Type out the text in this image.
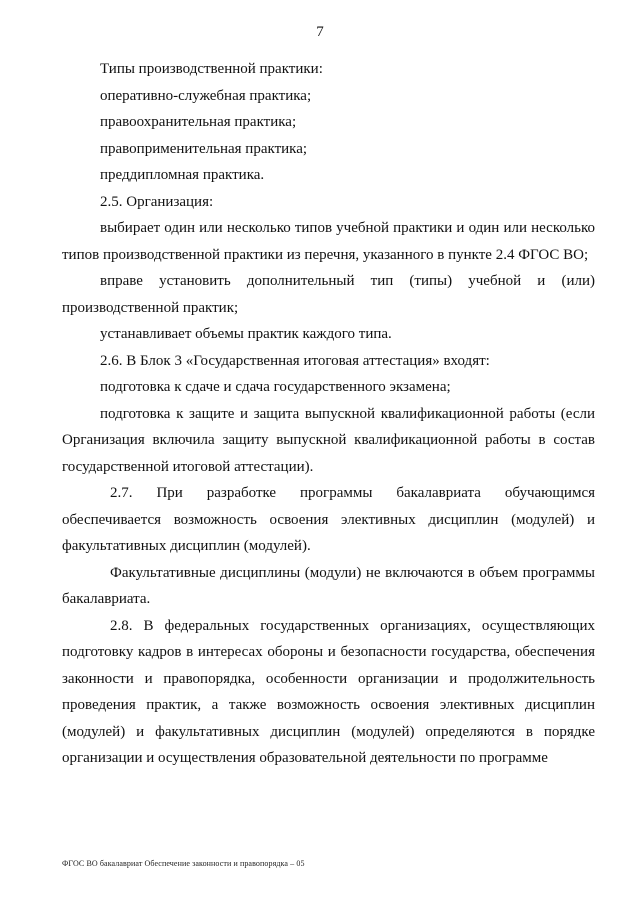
7

Типы производственной практики:

оперативно-служебная практика;

правоохранительная практика;

правоприменительная практика;

преддипломная практика.

2.5. Организация:

выбирает один или несколько типов учебной практики и один или несколько типов производственной практики из перечня, указанного в пункте 2.4 ФГОС ВО;

вправе установить дополнительный тип (типы) учебной и (или) производственной практик;

устанавливает объемы практик каждого типа.

2.6. В Блок 3 «Государственная итоговая аттестация» входят:

подготовка к сдаче и сдача государственного экзамена;

подготовка к защите и защита выпускной квалификационной работы (если Организация включила защиту выпускной квалификационной работы в состав государственной итоговой аттестации).

2.7. При разработке программы бакалавриата обучающимся обеспечивается возможность освоения элективных дисциплин (модулей) и факультативных дисциплин (модулей).

Факультативные дисциплины (модули) не включаются в объем программы бакалавриата.

2.8. В федеральных государственных организациях, осуществляющих подготовку кадров в интересах обороны и безопасности государства, обеспечения законности и правопорядка, особенности организации и продолжительность проведения практик, а также возможность освоения элективных дисциплин (модулей) и факультативных дисциплин (модулей) определяются в порядке организации и осуществления образовательной деятельности по программе

ФГОС ВО бакалавриат Обеспечение законности и правопорядка – 05
